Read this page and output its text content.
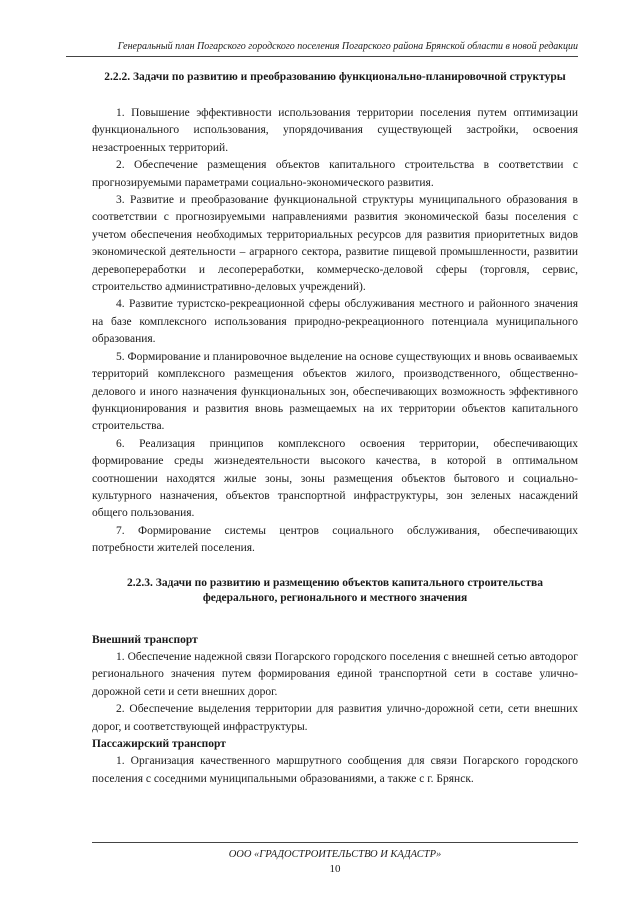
Генеральный план Погарского городского поселения Погарского района Брянской области в новой редакции
2.2.2. Задачи по развитию и преобразованию функционально-планировочной структуры

1. Повышение эффективности использования территории поселения путем оптимизации функционального использования, упорядочивания существующей застройки, освоения незастроенных территорий.

2. Обеспечение размещения объектов капитального строительства в соответствии с прогнозируемыми параметрами социально-экономического развития.

3. Развитие и преобразование функциональной структуры муниципального образования в соответствии с прогнозируемыми направлениями развития экономической базы поселения с учетом обеспечения необходимых территориальных ресурсов для развития приоритетных видов экономической деятельности – аграрного сектора, развитие пищевой промышленности, развитии деревопереработки и лесопереработки, коммерческо-деловой сферы (торговля, сервис, строительство административно-деловых учреждений).

4. Развитие туристско-рекреационной сферы обслуживания местного и районного значения на базе комплексного использования природно-рекреационного потенциала муниципального образования.

5. Формирование и планировочное выделение на основе существующих и вновь осваиваемых территорий комплексного размещения объектов жилого, производственного, общественно-делового и иного назначения функциональных зон, обеспечивающих возможность эффективного функционирования и развития вновь размещаемых на их территории объектов капитального строительства.

6. Реализация принципов комплексного освоения территории, обеспечивающих формирование среды жизнедеятельности высокого качества, в которой в оптимальном соотношении находятся жилые зоны, зоны размещения объектов бытового и социально-культурного назначения, объектов транспортной инфраструктуры, зон зеленых насаждений общего пользования.

7. Формирование системы центров социального обслуживания, обеспечивающих потребности жителей поселения.

2.2.3. Задачи по развитию и размещению объектов капитального строительства федерального, регионального и местного значения

Внешний транспорт

1. Обеспечение надежной связи Погарского городского поселения с внешней сетью автодорог регионального значения путем формирования единой транспортной сети в составе улично-дорожной сети и сети внешних дорог.

2. Обеспечение выделения территории для развития улично-дорожной сети, сети внешних дорог, и соответствующей инфраструктуры.

Пассажирский транспорт

1. Организация качественного маршрутного сообщения для связи Погарского городского поселения с соседними муниципальными образованиями, а также с г. Брянск.

ООО «ГРАДОСТРОИТЕЛЬСТВО И КАДАСТР»
10
